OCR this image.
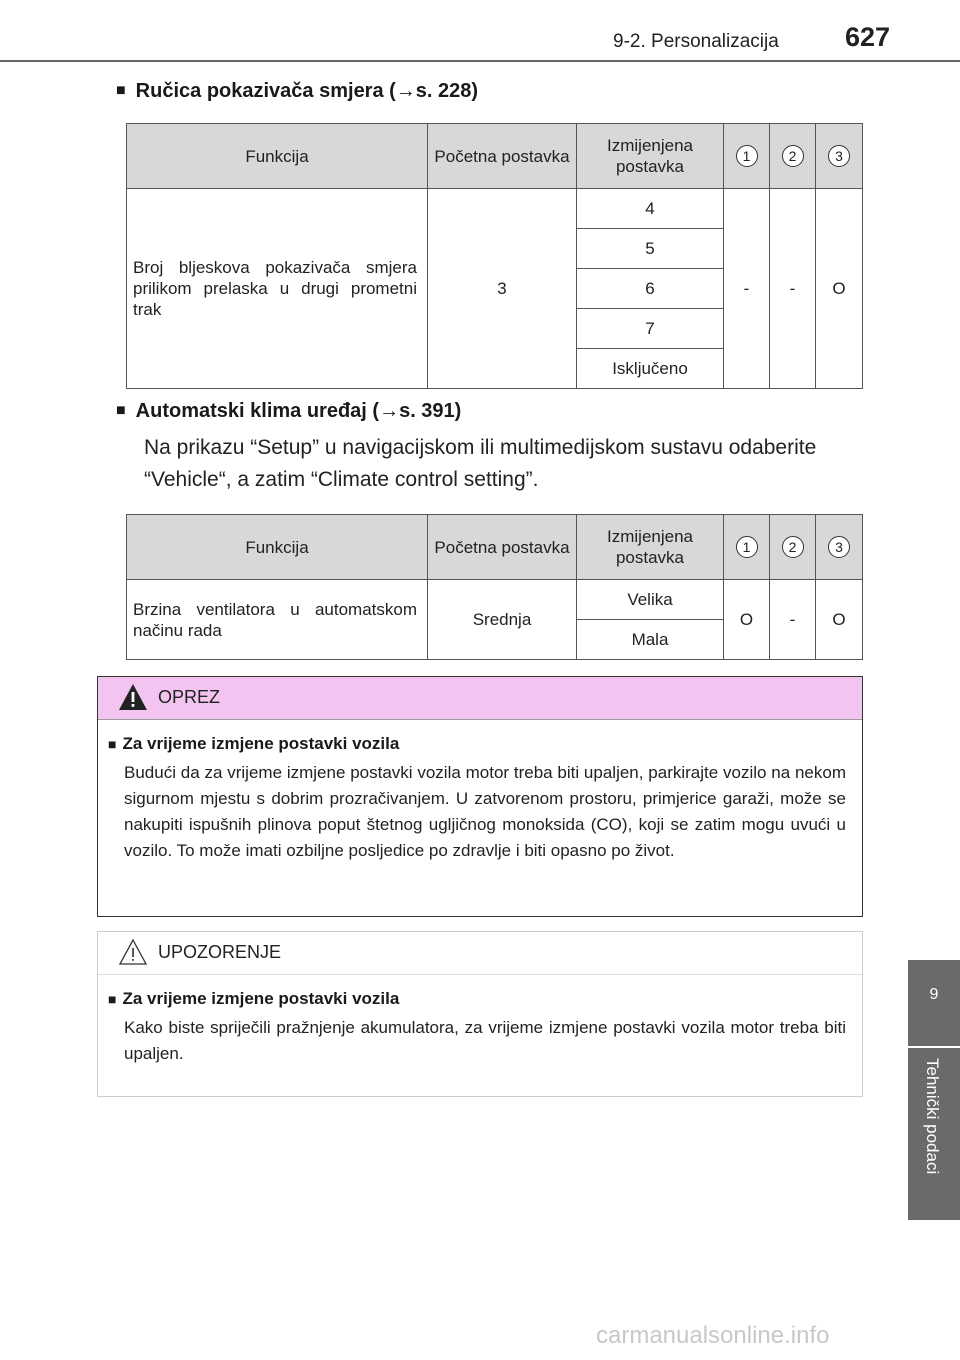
9-2. Personalizacija 627
9
Tehnički podaci
■ Ručica pokazivača smjera (→s. 228)
Funkcija	Početna postavka	Izmijenjena postavka	1	2	3
Broj bljeskova pokazivača smjera prilikom prelaska u drugi prometni trak	3	4	-	-	O
		5			
		6			
		7			
		Isključeno			
■ Automatski klima uređaj (→s. 391)
Na prikazu “Setup” u navigacijskom ili multimedijskom sustavu odaberite “Vehicle“, a zatim “Climate control setting”.
Funkcija	Početna postavka	Izmijenjena postavka	1	2	3
Brzina ventilatora u automatskom načinu rada	Srednja	Velika	O	-	O
		Mala			
OPREZ
■ Za vrijeme izmjene postavki vozila
Budući da za vrijeme izmjene postavki vozila motor treba biti upaljen, parkirajte vozilo na nekom sigurnom mjestu s dobrim prozračivanjem. U zatvorenom prostoru, primjerice garaži, može se nakupiti ispušnih plinova poput štetnog ugljičnog monoksida (CO), koji se zatim mogu uvući u vozilo. To može imati ozbiljne posljedice po zdravlje i biti opasno po život.
UPOZORENJE
■ Za vrijeme izmjene postavki vozila
Kako biste spriječili pražnjenje akumulatora, za vrijeme izmjene postavki vozila motor treba biti upaljen.
carmanualsonline.info
